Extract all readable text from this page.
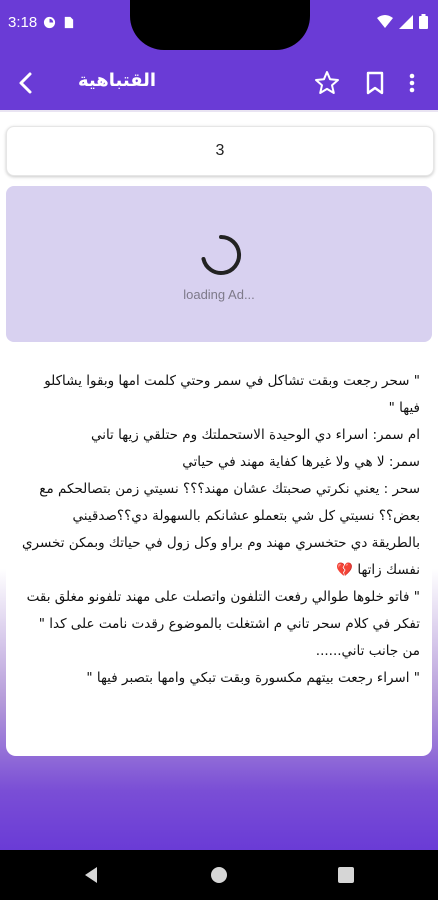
3:18
القتباهية
3
loading Ad...

" سحر رجعت وبقت تشاكل في سمر وحتي كلمت امها وبقوا يشاكلو فيها "

ام سمر: اسراء دي الوحيدة الاستحملتك وم حتلقي زيها تاني

سمر: لا هي ولا غيرها كفاية مهند في حياتي

سحر : يعني نكرتي صحبتك عشان مهند؟؟؟ نسيتي زمن بتصالحكم مع بعض؟؟ نسيتي كل شي بتعملو عشانكم بالسهولة دي؟؟صدقيني بالطريقة دي حتخسري مهند وم براو وكل زول في حياتك وبمكن تخسري نفسك زاتها 💔

" فاتو خلوها طوالي رفعت التلفون واتصلت على مهند تلفونو مغلق بقت تفكر في كلام سحر تاني م اشتغلت بالموضوع رقدت نامت على كدا "

من جانب تاني......

" اسراء رجعت بيتهم مكسورة وبقت تبكي وامها بتصبر فيها "
